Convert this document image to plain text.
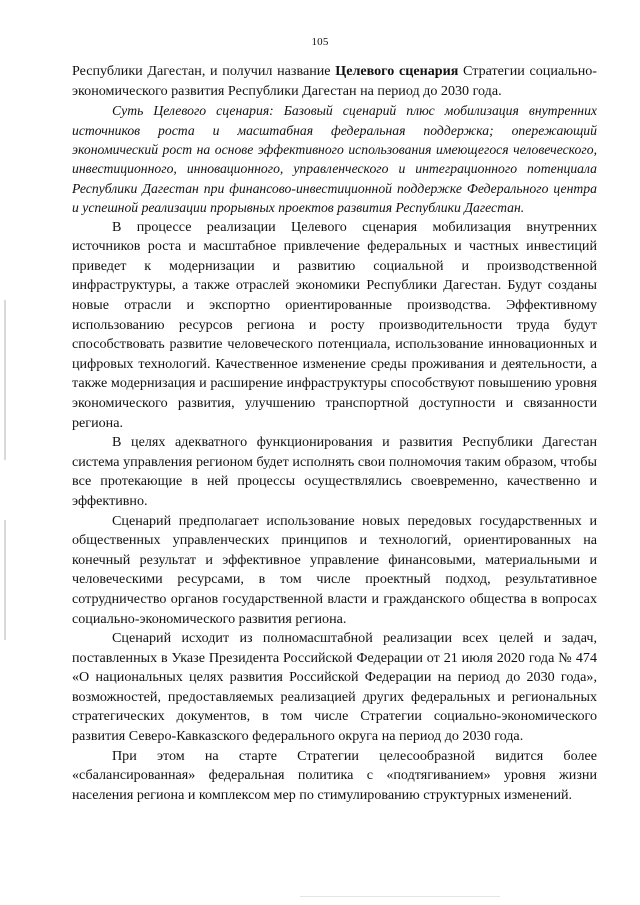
105

Республики Дагестан, и получил название Целевого сценария Стратегии социально-экономического развития Республики Дагестан на период до 2030 года.

Суть Целевого сценария: Базовый сценарий плюс мобилизация внутренних источников роста и масштабная федеральная поддержка; опережающий экономический рост на основе эффективного использования имеющегося человеческого, инвестиционного, инновационного, управленческого и интеграционного потенциала Республики Дагестан при финансово-инвестиционной поддержке Федерального центра и успешной реализации прорывных проектов развития Республики Дагестан.

В процессе реализации Целевого сценария мобилизация внутренних источников роста и масштабное привлечение федеральных и частных инвестиций приведет к модернизации и развитию социальной и производственной инфраструктуры, а также отраслей экономики Республики Дагестан. Будут созданы новые отрасли и экспортно ориентированные производства. Эффективному использованию ресурсов региона и росту производительности труда будут способствовать развитие человеческого потенциала, использование инновационных и цифровых технологий. Качественное изменение среды проживания и деятельности, а также модернизация и расширение инфраструктуры способствуют повышению уровня экономического развития, улучшению транспортной доступности и связанности региона.

В целях адекватного функционирования и развития Республики Дагестан система управления регионом будет исполнять свои полномочия таким образом, чтобы все протекающие в ней процессы осуществлялись своевременно, качественно и эффективно.

Сценарий предполагает использование новых передовых государственных и общественных управленческих принципов и технологий, ориентированных на конечный результат и эффективное управление финансовыми, материальными и человеческими ресурсами, в том числе проектный подход, результативное сотрудничество органов государственной власти и гражданского общества в вопросах социально-экономического развития региона.

Сценарий исходит из полномасштабной реализации всех целей и задач, поставленных в Указе Президента Российской Федерации от 21 июля 2020 года № 474 «О национальных целях развития Российской Федерации на период до 2030 года», возможностей, предоставляемых реализацией других федеральных и региональных стратегических документов, в том числе Стратегии социально-экономического развития Северо-Кавказского федерального округа на период до 2030 года.

При этом на старте Стратегии целесообразной видится более «сбалансированная» федеральная политика с «подтягиванием» уровня жизни населения региона и комплексом мер по стимулированию структурных изменений.
